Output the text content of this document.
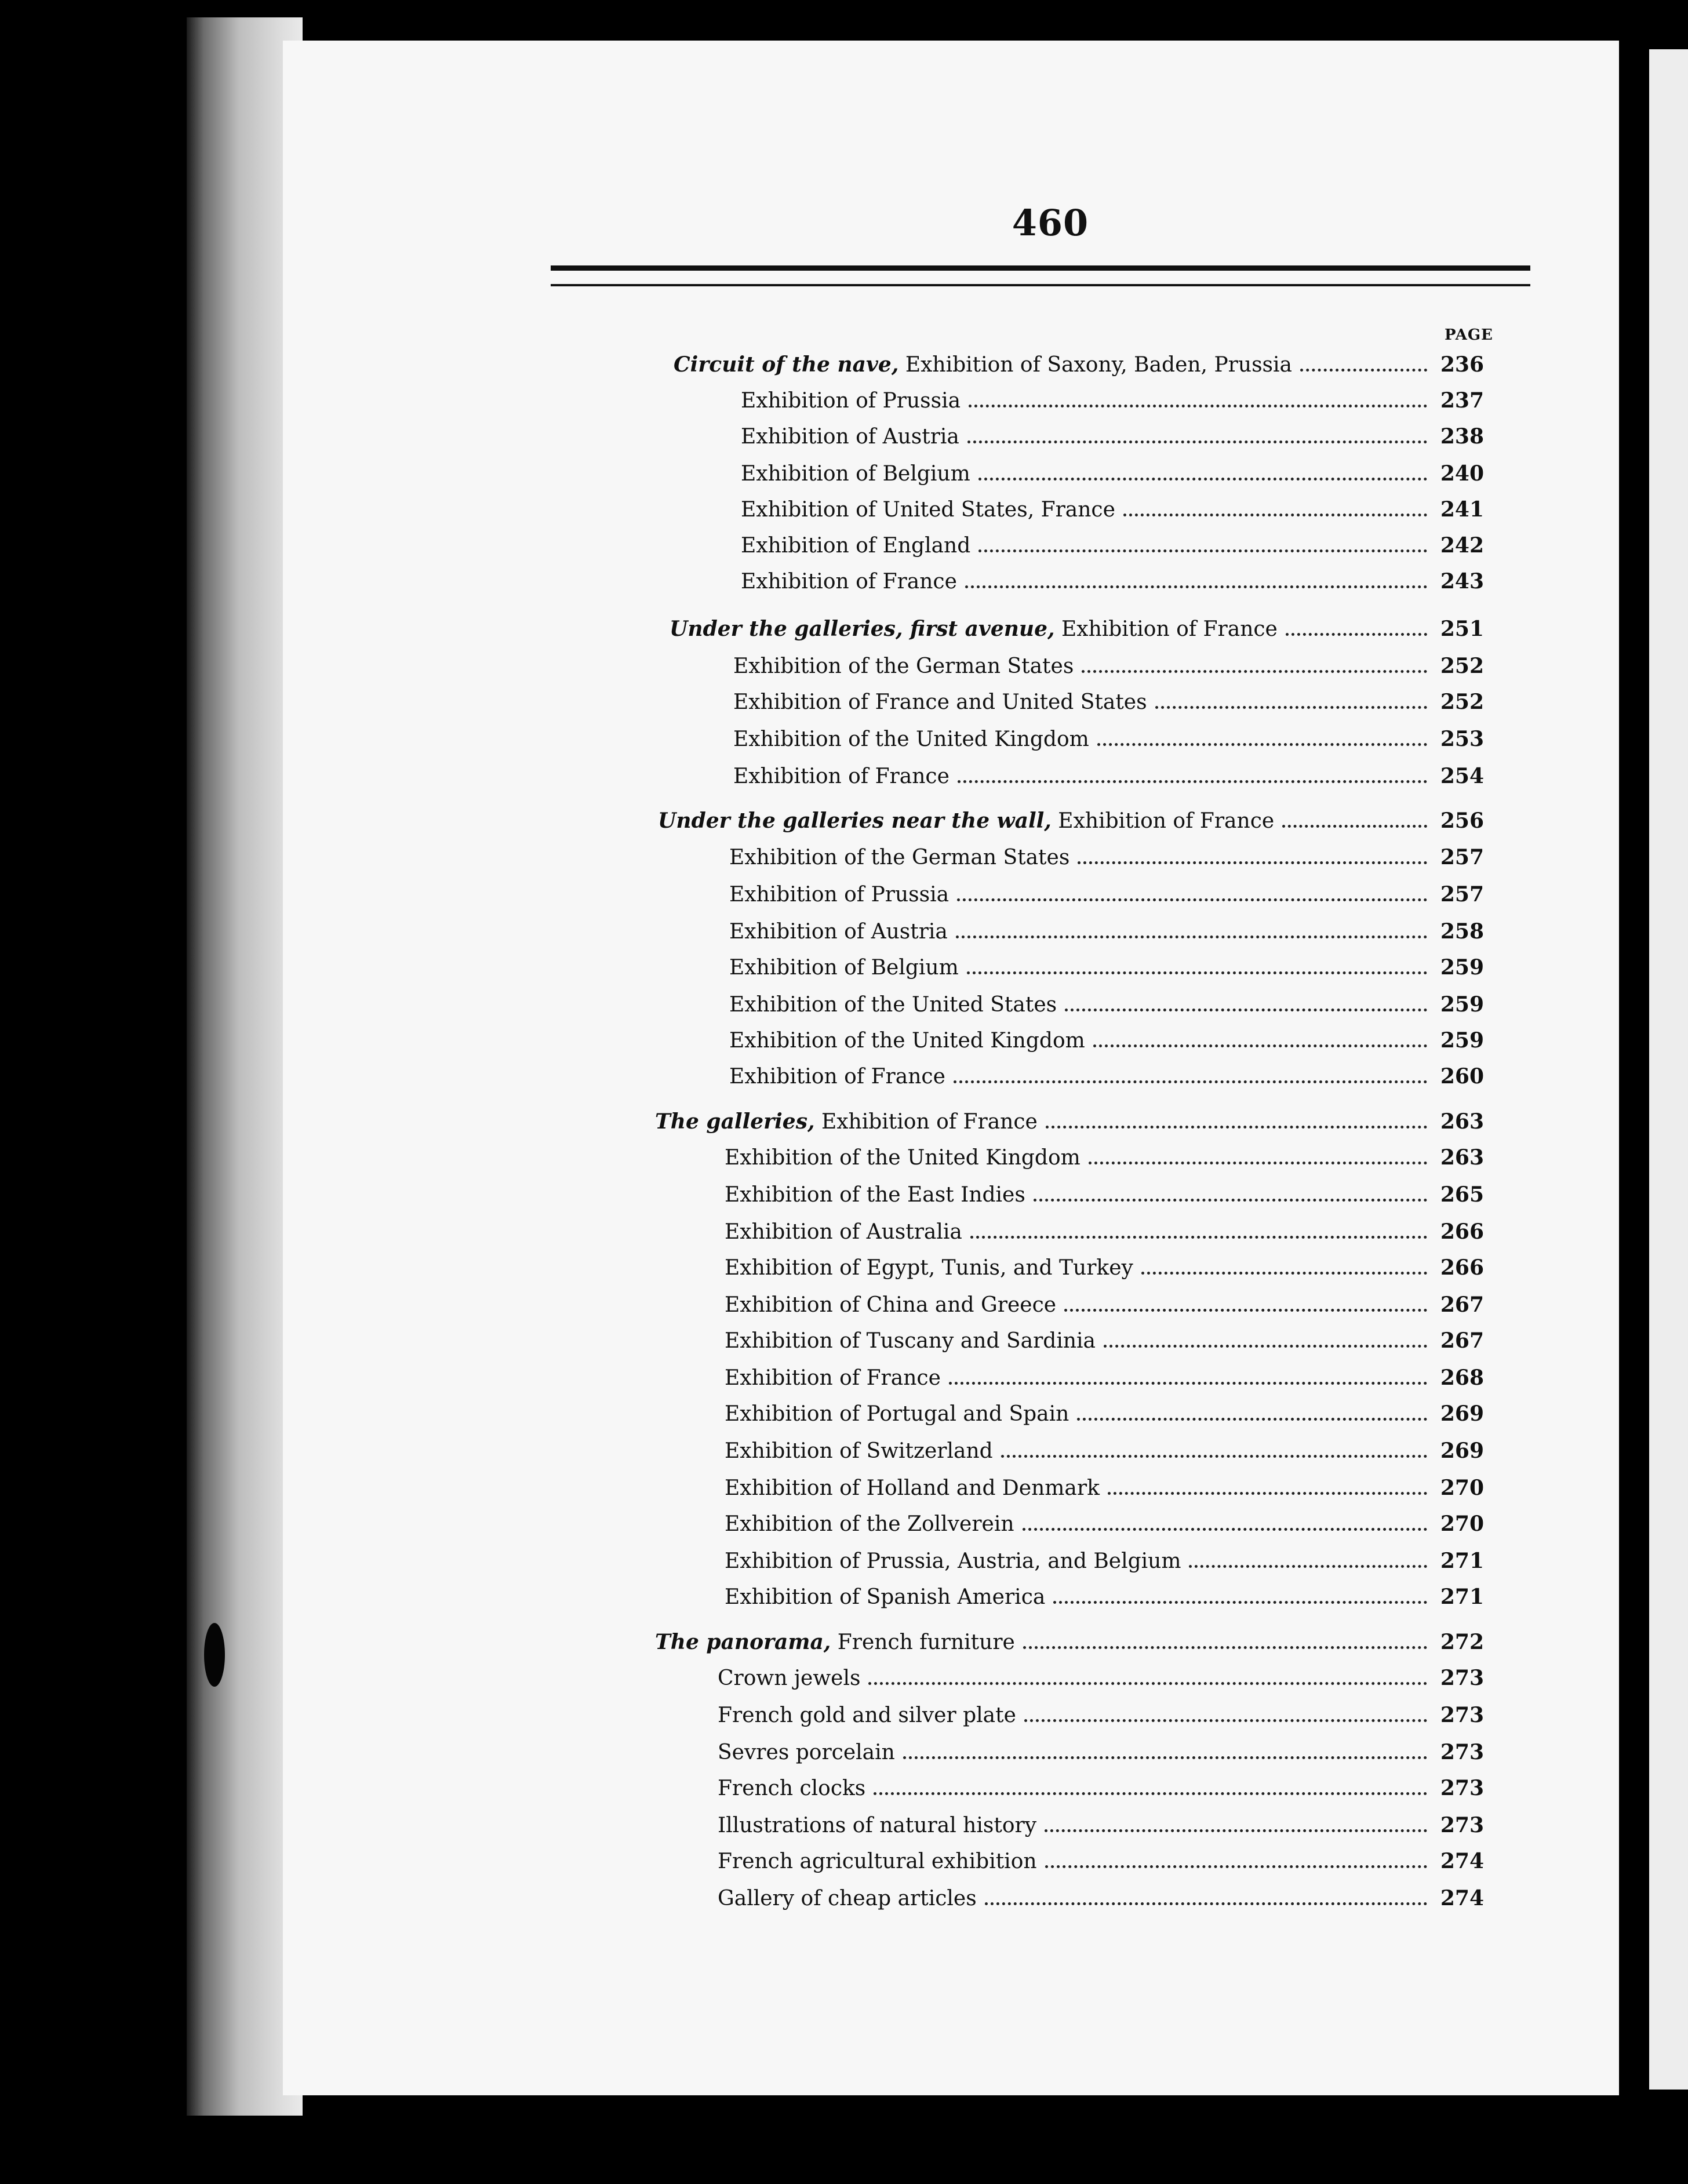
460
PAGE
Circuit of the nave, Exhibition of Saxony, Baden, Prussia	236
Exhibition of Prussia	237
Exhibition of Austria	238
Exhibition of Belgium	240
Exhibition of United States, France	241
Exhibition of England	242
Exhibition of France	243
Under the galleries, first avenue, Exhibition of France	251
Exhibition of the German States	252
Exhibition of France and United States	252
Exhibition of the United Kingdom	253
Exhibition of France	254
Under the galleries near the wall, Exhibition of France	256
Exhibition of the German States	257
Exhibition of Prussia	257
Exhibition of Austria	258
Exhibition of Belgium	259
Exhibition of the United States	259
Exhibition of the United Kingdom	259
Exhibition of France	260
The galleries, Exhibition of France	263
Exhibition of the United Kingdom	263
Exhibition of the East Indies	265
Exhibition of Australia	266
Exhibition of Egypt, Tunis, and Turkey	266
Exhibition of China and Greece	267
Exhibition of Tuscany and Sardinia	267
Exhibition of France	268
Exhibition of Portugal and Spain	269
Exhibition of Switzerland	269
Exhibition of Holland and Denmark	270
Exhibition of the Zollverein	270
Exhibition of Prussia, Austria, and Belgium	271
Exhibition of Spanish America	271
The panorama, French furniture	272
Crown jewels	273
French gold and silver plate	273
Sevres porcelain	273
French clocks	273
Illustrations of natural history	273
French agricultural exhibition	274
Gallery of cheap articles	274
